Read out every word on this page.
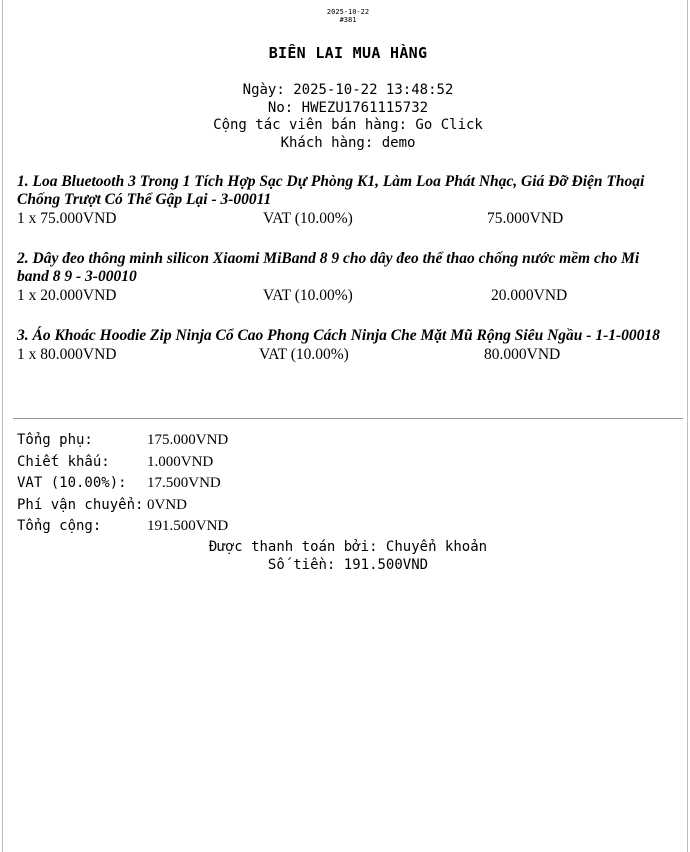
2025-10-22
#381
BIÊN LAI MUA HÀNG
Ngày: 2025-10-22 13:48:52
No: HWEZU1761115732
Cộng tác viên bán hàng: Go Click
Khách hàng: demo
1. Loa Bluetooth 3 Trong 1 Tích Hợp Sạc Dự Phòng K1, Làm Loa Phát Nhạc, Giá Đỡ Điện Thoại Chống Trượt Có Thể Gập Lại - 3-00011
1 x 75.000VND	VAT (10.00%)	75.000VND
2. Dây đeo thông minh silicon Xiaomi MiBand 8 9 cho dây đeo thể thao chống nước mềm cho Mi band 8 9 - 3-00010
1 x 20.000VND	VAT (10.00%)	20.000VND
3. Áo Khoác Hoodie Zip Ninja Cổ Cao Phong Cách Ninja Che Mặt Mũ Rộng Siêu Ngầu - 1-1-00018
1 x 80.000VND	VAT (10.00%)	80.000VND
Tổng phụ:	175.000VND
Chiết khấu: 1.000VND
VAT (10.00%): 17.500VND
Phí vận chuyển: 0VND
Tổng cộng:	191.500VND
Được thanh toán bởi: Chuyển khoản
Số tiền: 191.500VND
